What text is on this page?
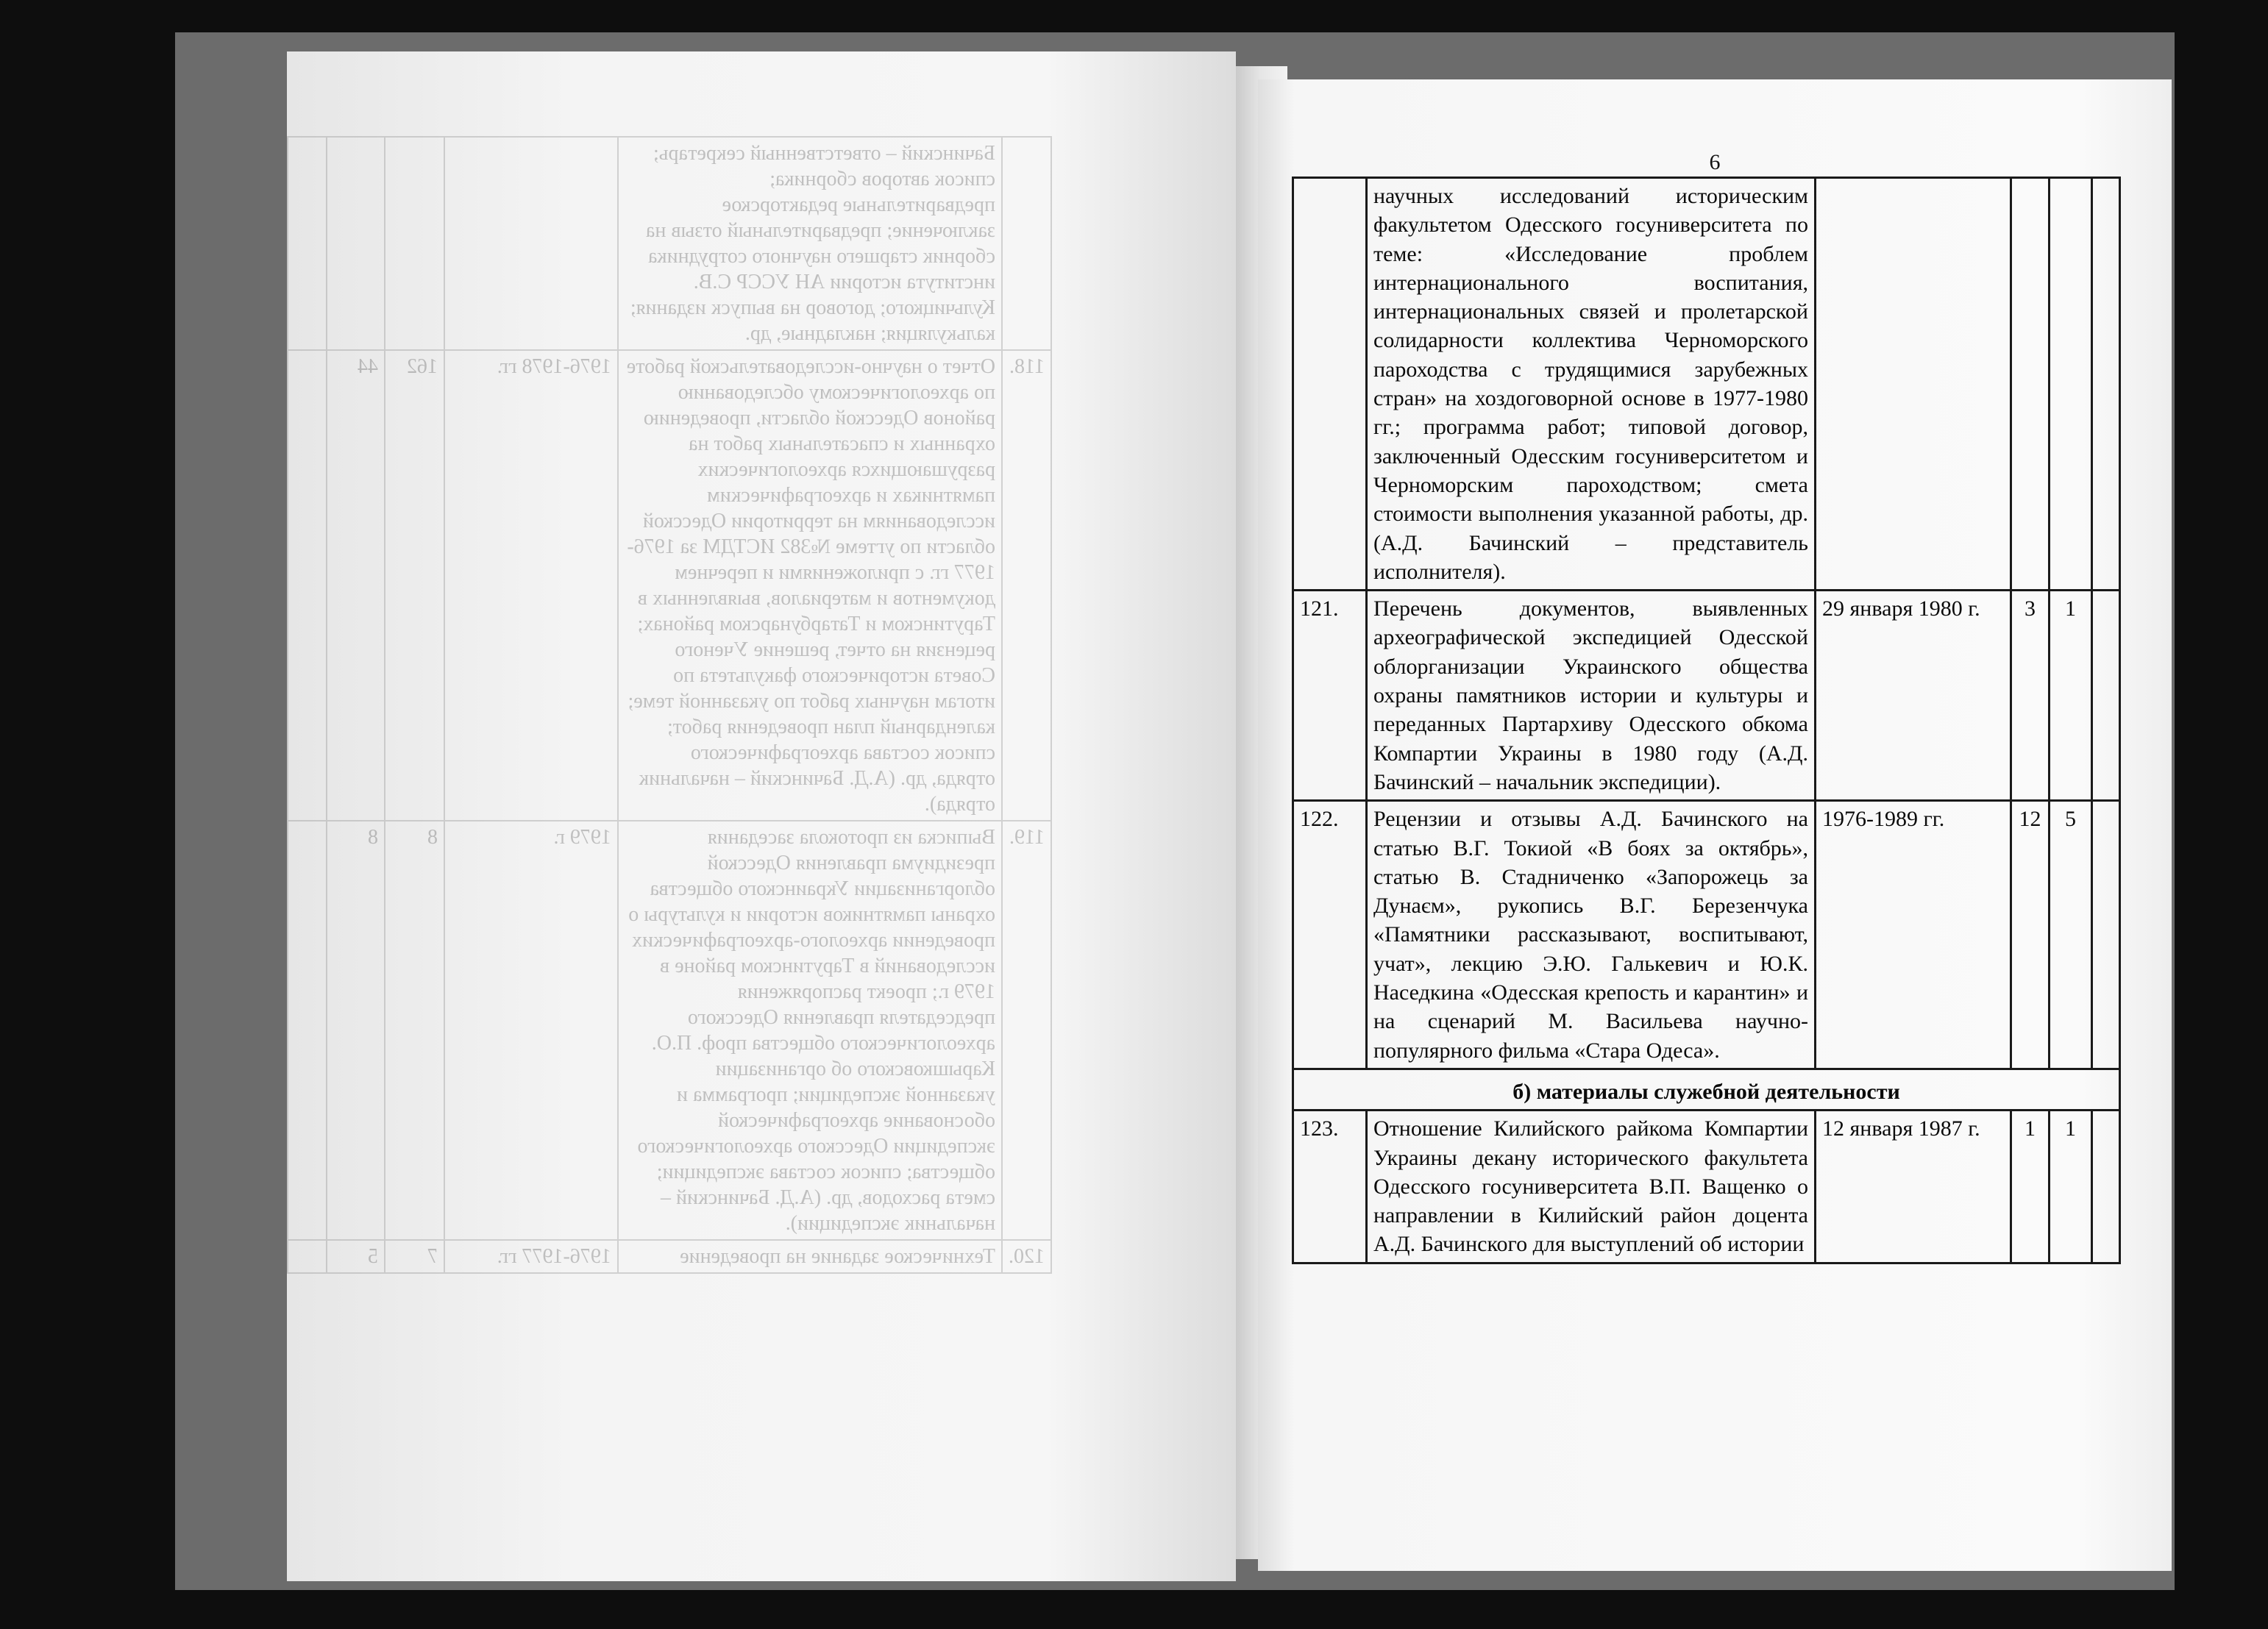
	Бачинский – ответственный секретарь; список авторов сборника; предварительные редакторское заключение; предварительный отзыв на сборник старшего научного сотрудника института истории АН УССР С.В. Кульчицкого; договор на выпуск издания; калькуляция; накладные, др.				
118.	Отчет о научно-исследовательской работе по археологическому обследованию районов Одесской области, проведению охранных и спасательных работ на разрушающихся археологических памятниках и археографическим исследованиям на территории Одесской области по угтеме №382 ИСТДМ за 1976-1977 гг. с приложениями и перечнем документов и материалов, выявленных в Тарутинском и Татарбунарском районах; рецензия на отчет, решение Ученого Совета исторического факультета по итогам научных работ по указанной теме; календарный план проведения работ; список состава археографического отряда, др. (А.Д. Бачинский – начальник отряда).	1976-1978 гг.	162	44	
119.	Выписка из протокола заседания президиума правления Одесской облорганизации Украинского общества охраны памятников истории и культуры о проведении археолого-археографических исследований в Тарутинском районе в 1979 г.; проект распоряжения председателя правления Одесского археологического общества проф. П.О. Карышковского об организации указанной экспедиции; программа и обоснование археографической экспедиции Одесского археологического общества; список состава экспедиции; смета расходов, др. (А.Д. Бачинский – начальник экспедиции).	1979 г.	8	8	
120.	Техническое задание на проведение	1976-1977 гг.	7	5	
6
	научных исследований историческим факультетом Одесского госуниверситета по теме: «Исследование проблем интернационального воспитания, интернациональных связей и пролетарской солидарности коллектива Черноморского пароходства с трудящимися зарубежных стран» на хоздоговорной основе в 1977-1980 гг.; программа работ; типовой договор, заключенный Одесским госуниверситетом и Черноморским пароходством; смета стоимости выполнения указанной работы, др. (А.Д. Бачинский – представитель исполнителя).				
121.	Перечень документов, выявленных археографической экспедицией Одесской облорганизации Украинского общества охраны памятников истории и культуры и переданных Партархиву Одесского обкома Компартии Украины в 1980 году (А.Д. Бачинский – начальник экспедиции).	29 января 1980 г.	3	1	
122.	Рецензии и отзывы А.Д. Бачинского на статью В.Г. Токиой «В боях за октябрь», статью В. Стадниченко «Запорожець за Дунаєм», рукопись В.Г. Березенчука «Памятники рассказывают, воспитывают, учат», лекцию Э.Ю. Галькевич и Ю.К. Наседкина «Одесская крепость и карантин» и на сценарий М. Васильева научно-популярного фильма «Стара Одеса».	1976-1989 гг.	12	5	
б) материалы служебной деятельности					
123.	Отношение Килийского райкома Компартии Украины декану исторического факультета Одесского госуниверситета В.П. Ващенко о направлении в Килийский район доцента А.Д. Бачинского для выступлений об истории	12 января 1987 г.	1	1	
